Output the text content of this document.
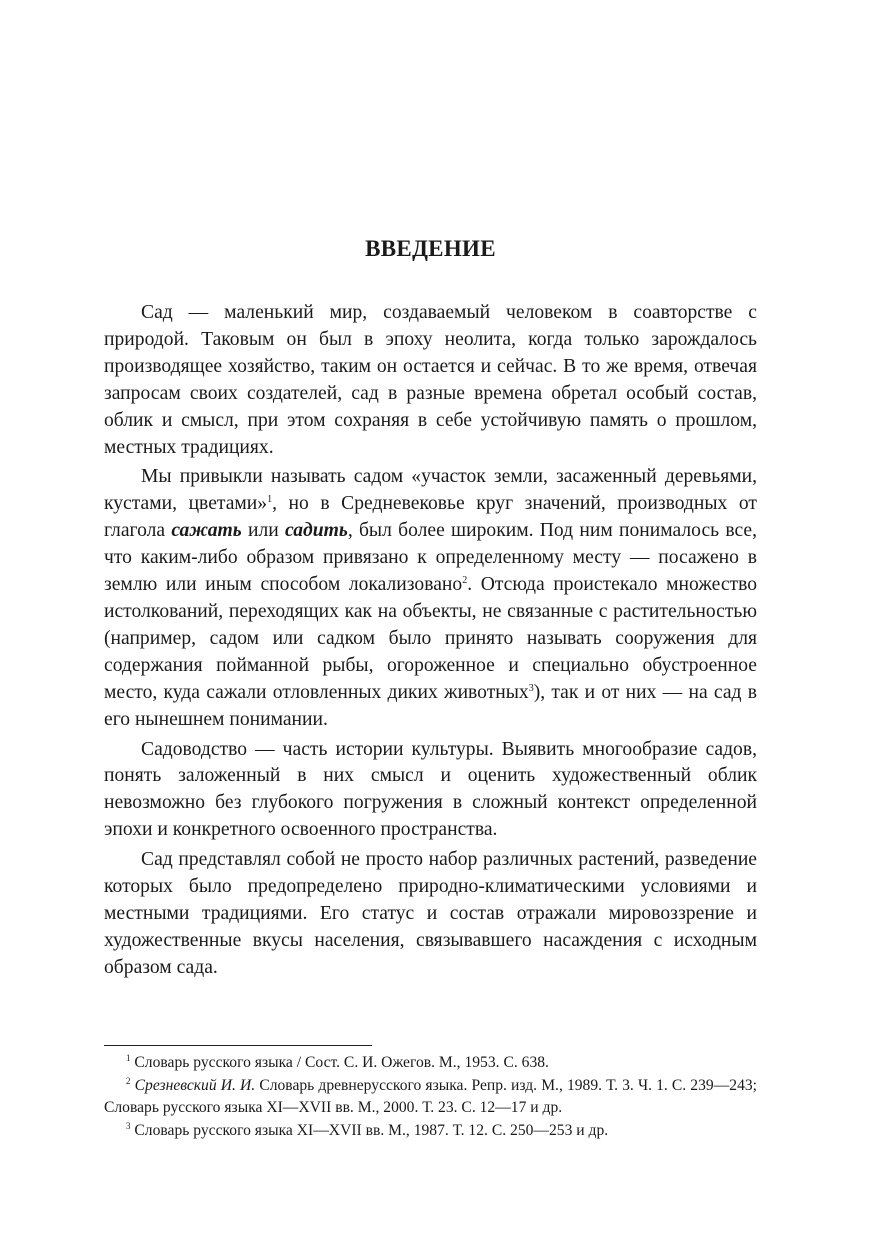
ВВЕДЕНИЕ

Сад — маленький мир, создаваемый человеком в соавторстве с природой. Таковым он был в эпоху неолита, когда только зарождалось производящее хозяйство, таким он остается и сейчас. В то же время, отвечая запросам своих создателей, сад в разные времена обретал особый состав, облик и смысл, при этом сохраняя в себе устойчивую память о прошлом, местных традициях.

Мы привыкли называть садом «участок земли, засаженный деревьями, кустами, цветами»$^1$, но в Средневековье круг значений, производных от глагола сажать или садить, был более широким. Под ним понималось все, что каким-либо образом привязано к определенному месту — посажено в землю или иным способом локализовано$^2$. Отсюда проистекало множество истолкований, переходящих как на объекты, не связанные с растительностью (например, садом или садком было принято называть сооружения для содержания пойманной рыбы, огороженное и специально обустроенное место, куда сажали отловленных диких животных$^3$), так и от них — на сад в его нынешнем понимании.

Садоводство — часть истории культуры. Выявить многообразие садов, понять заложенный в них смысл и оценить художественный облик невозможно без глубокого погружения в сложный контекст определенной эпохи и конкретного освоенного пространства.

Сад представлял собой не просто набор различных растений, разведение которых было предопределено природно-климатическими условиями и местными традициями. Его статус и состав отражали мировоззрение и художественные вкусы населения, связывавшего насаждения с исходным образом сада.

$^1$ Словарь русского языка / Сост. С. И. Ожегов. М., 1953. С. 638.

$^2$ Срезневский И. И. Словарь древнерусского языка. Репр. изд. М., 1989. Т. 3. Ч. 1. С. 239—243; Словарь русского языка XI—XVII вв. М., 2000. Т. 23. С. 12—17 и др.

$^3$ Словарь русского языка XI—XVII вв. М., 1987. Т. 12. С. 250—253 и др.
